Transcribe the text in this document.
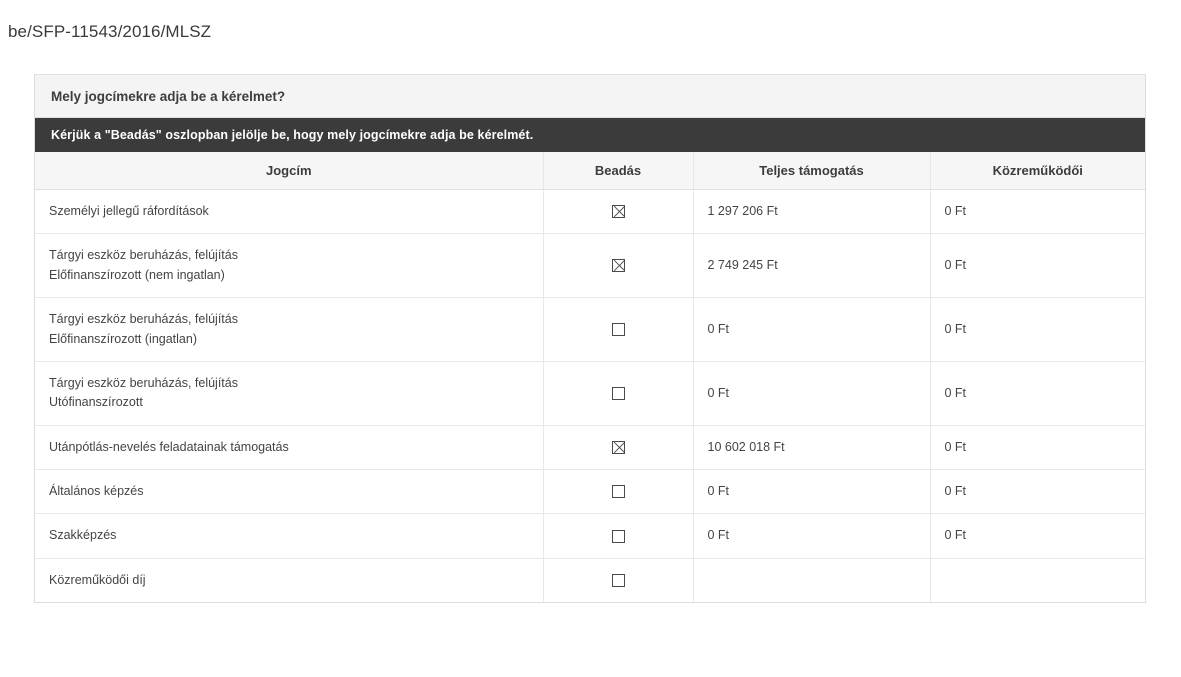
be/SFP-11543/2016/MLSZ
Mely jogcímekre adja be a kérelmet?
Kérjük a "Beadás" oszlopban jelölje be, hogy mely jogcímekre adja be kérelmét.
Jogcím	Beadás	Teljes támogatás	Közreműködői

Személyi jellegű ráfordítások		1 297 206 Ft	0 Ft

Tárgyi eszköz beruházás, felújítás
Előfinanszírozott (nem ingatlan)		2 749 245 Ft	0 Ft

Tárgyi eszköz beruházás, felújítás
Előfinanszírozott (ingatlan)		0 Ft	0 Ft

Tárgyi eszköz beruházás, felújítás
Utófinanszírozott		0 Ft	0 Ft

Utánpótlás-nevelés feladatainak támogatás		10 602 018 Ft	0 Ft

Általános képzés		0 Ft	0 Ft

Szakképzés		0 Ft	0 Ft

Közreműködői díj			
